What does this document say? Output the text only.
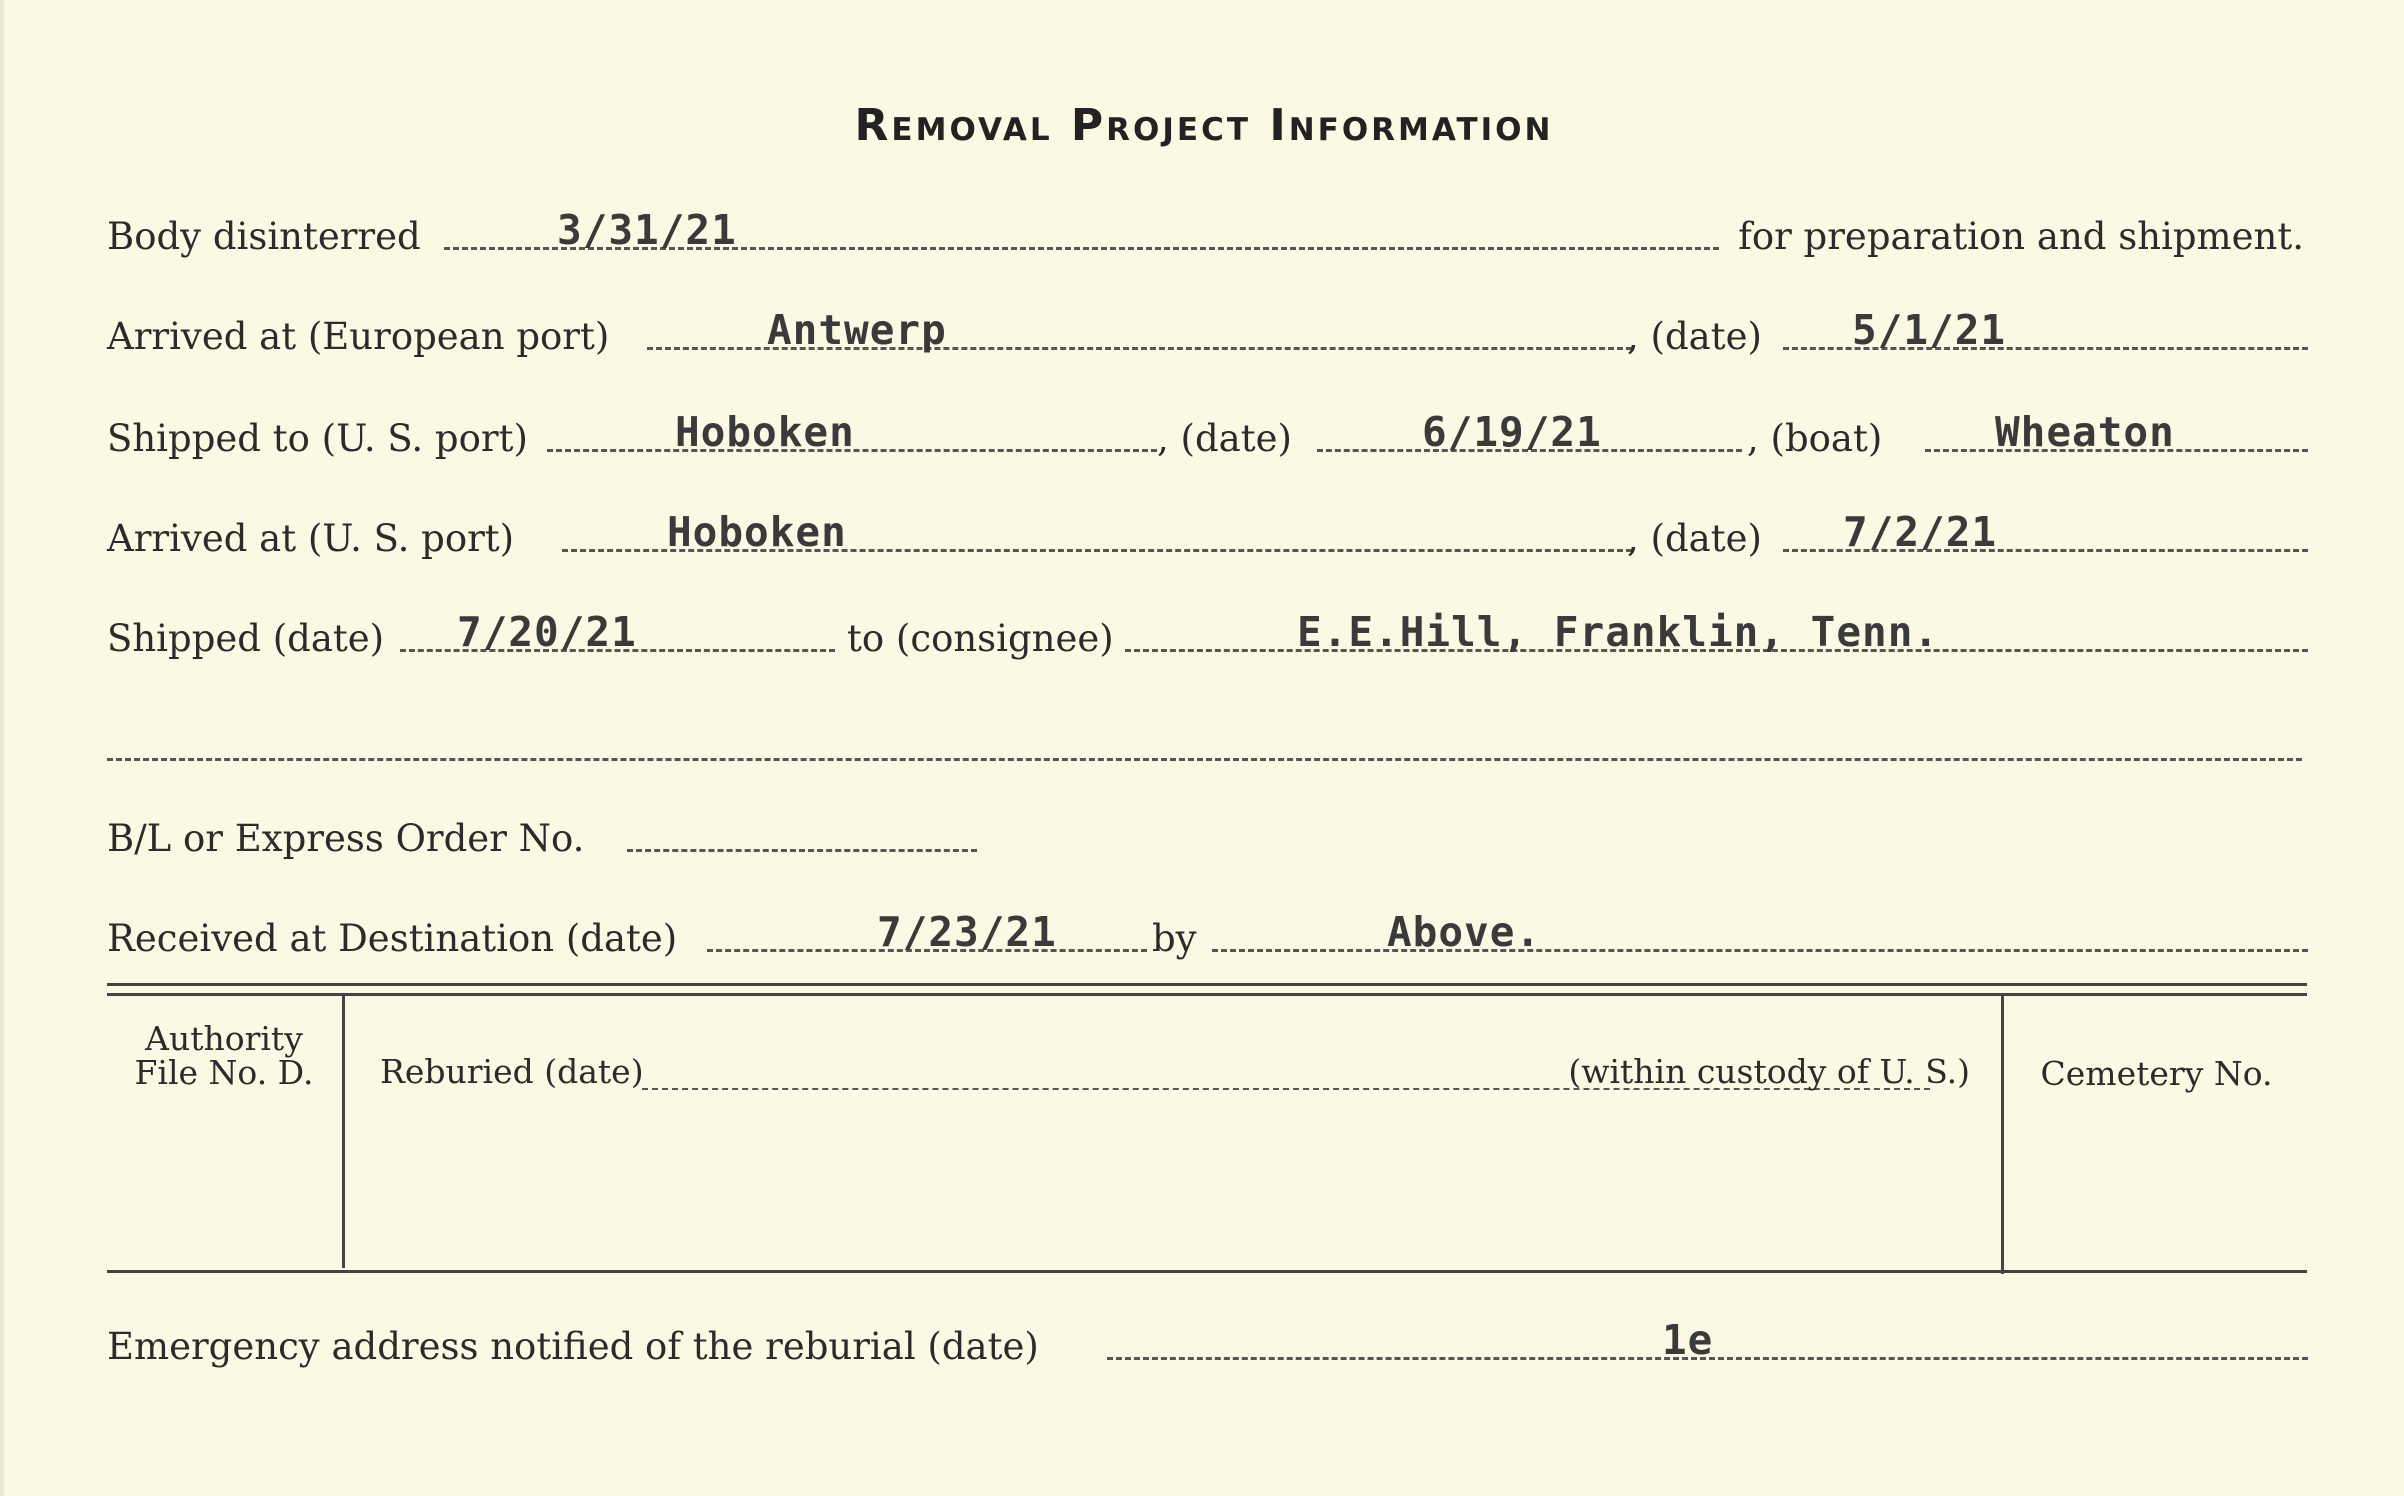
Removal Project Information
Body disinterred	3/31/21	for preparation and shipment.
Arrived at (European port)	Antwerp	, (date) 5/1/21
Shipped to (U. S. port)	Hoboken	, (date)	6/19/21	, (boat)	Wheaton
Arrived at (U. S. port)	Hoboken	, (date) 7/2/21
Shipped (date) 7/20/21	to (consignee)	E.E.Hill, Franklin, Tenn.
B/L or Express Order No.
Received at Destination (date)	7/23/21	by	Above.
Authority
File No. D.	Reburied (date)	(within custody of U. S.)	Cemetery No.
Emergency address notified of the reburial (date)	1e
